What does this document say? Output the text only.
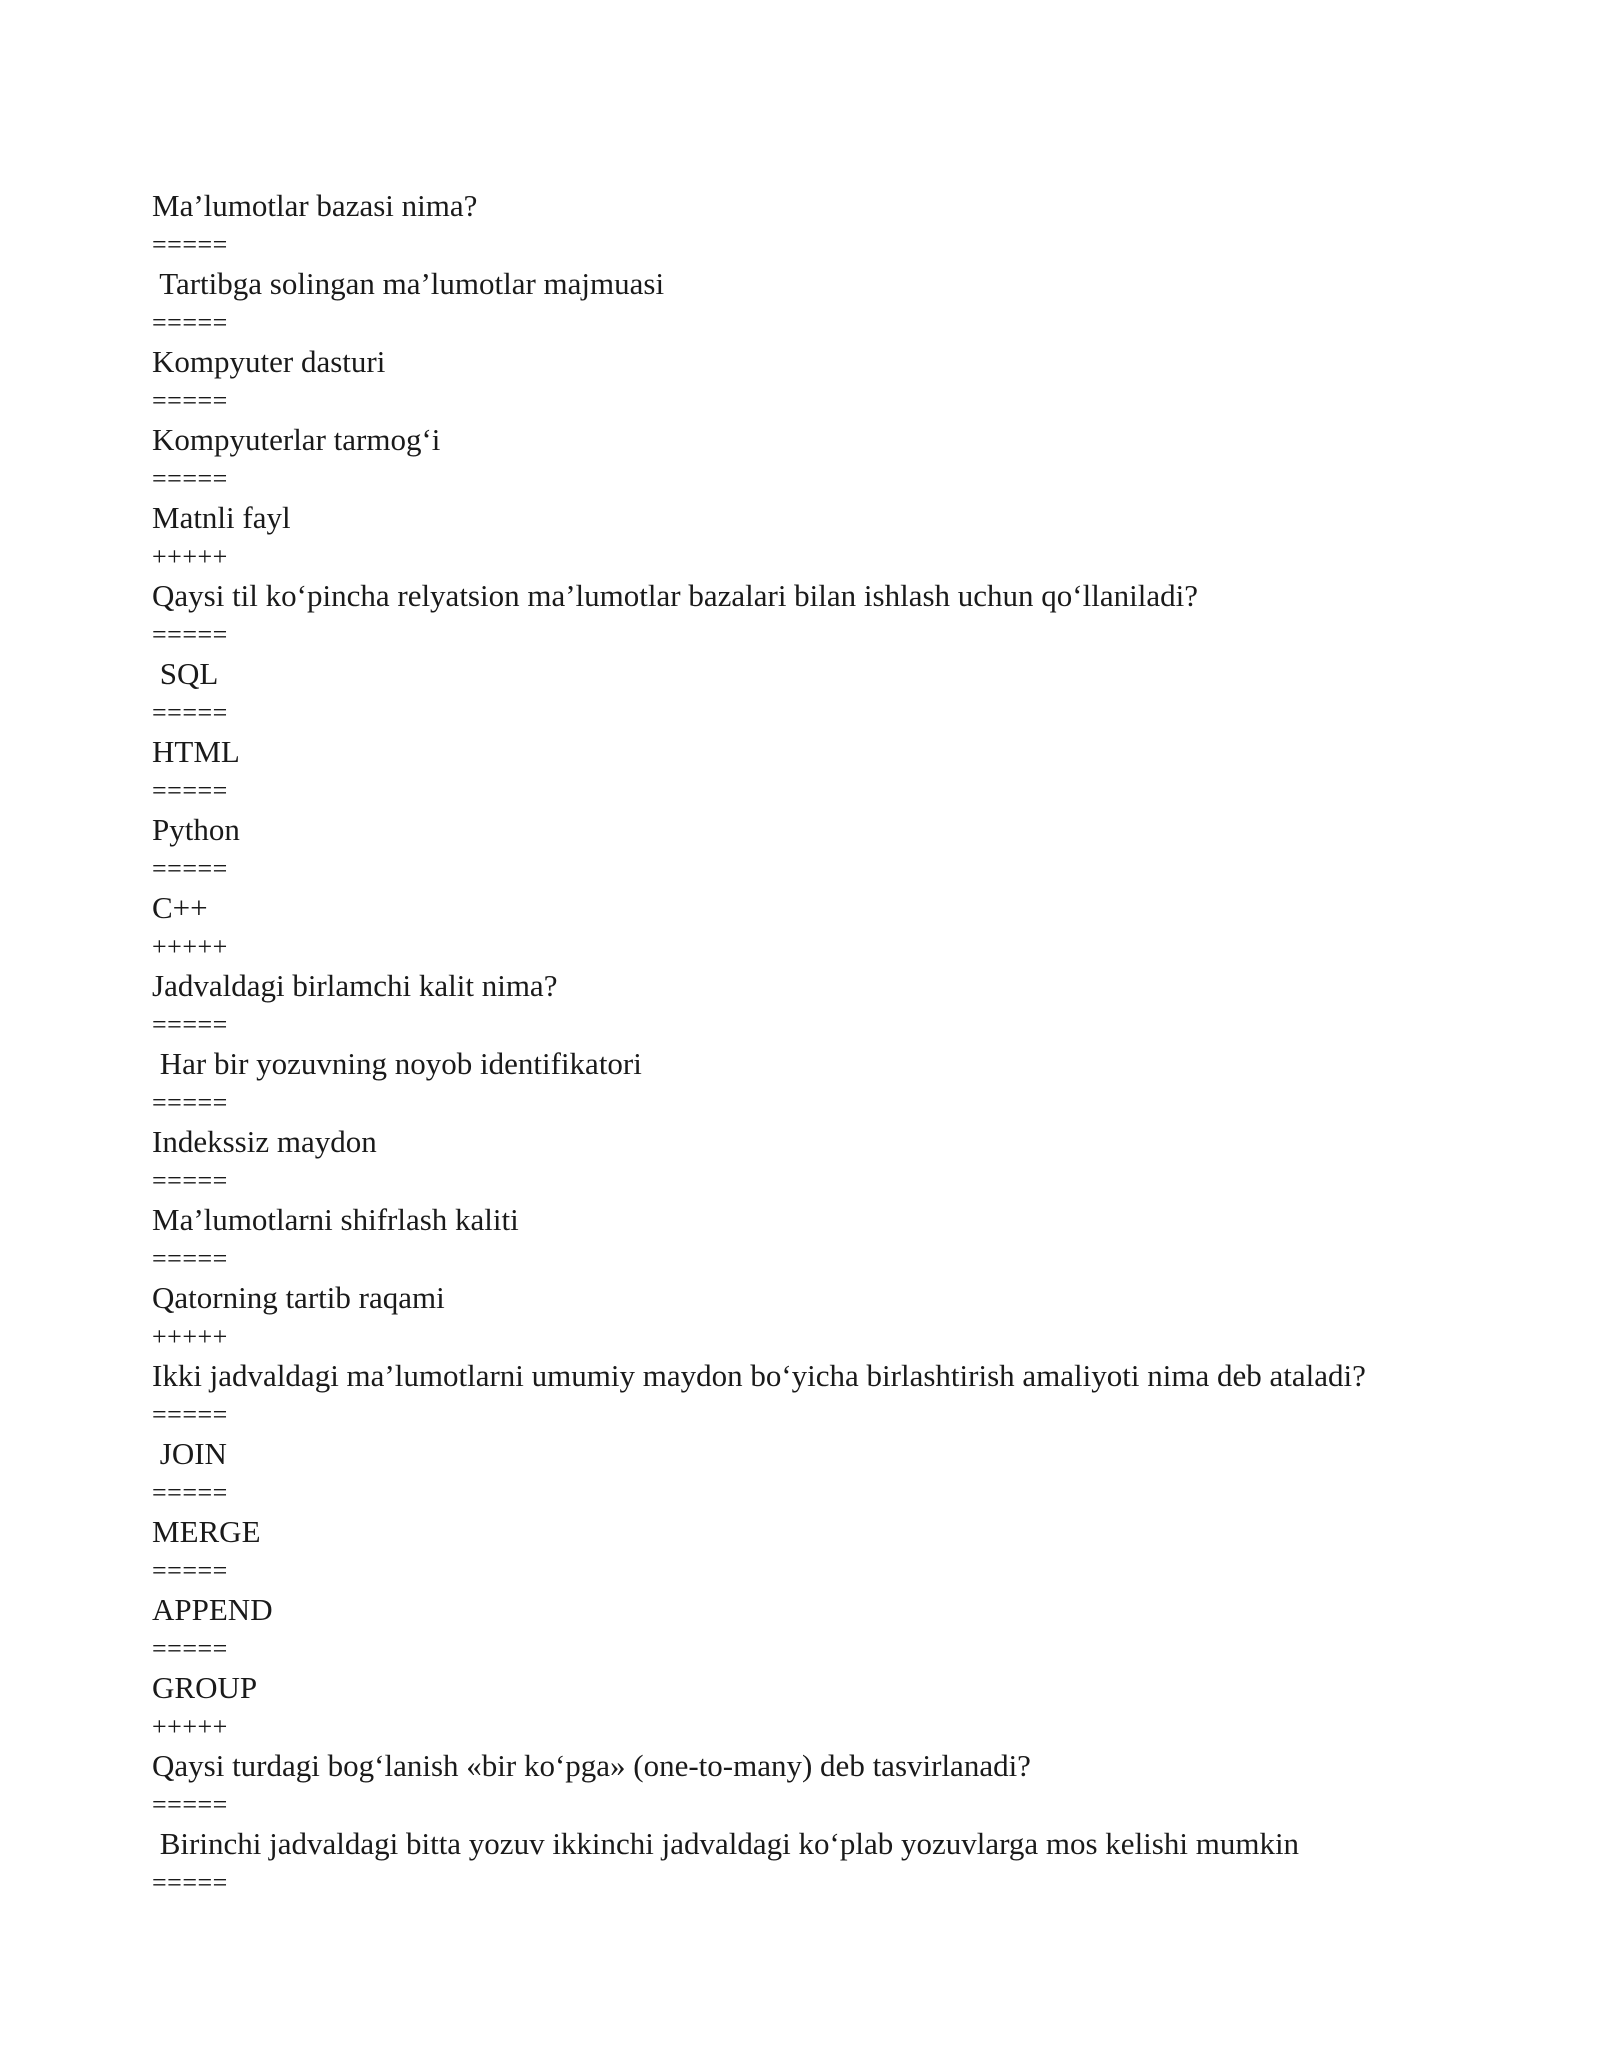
Ma’lumotlar bazasi nima?
=====
Tartibga solingan ma’lumotlar majmuasi
=====
Kompyuter dasturi
=====
Kompyuterlar tarmog‘i
=====
Matnli fayl
+++++
Qaysi til ko‘pincha relyatsion ma’lumotlar bazalari bilan ishlash uchun qo‘llaniladi?
=====
SQL
=====
HTML
=====
Python
=====
C++
+++++
Jadvaldagi birlamchi kalit nima?
=====
Har bir yozuvning noyob identifikatori
=====
Indekssiz maydon
=====
Ma’lumotlarni shifrlash kaliti
=====
Qatorning tartib raqami
+++++
Ikki jadvaldagi ma’lumotlarni umumiy maydon bo‘yicha birlashtirish amaliyoti nima deb ataladi?
=====
JOIN
=====
MERGE
=====
APPEND
=====
GROUP
+++++
Qaysi turdagi bog‘lanish «bir ko‘pga» (one-to-many) deb tasvirlanadi?
=====
Birinchi jadvaldagi bitta yozuv ikkinchi jadvaldagi ko‘plab yozuvlarga mos kelishi mumkin
=====
